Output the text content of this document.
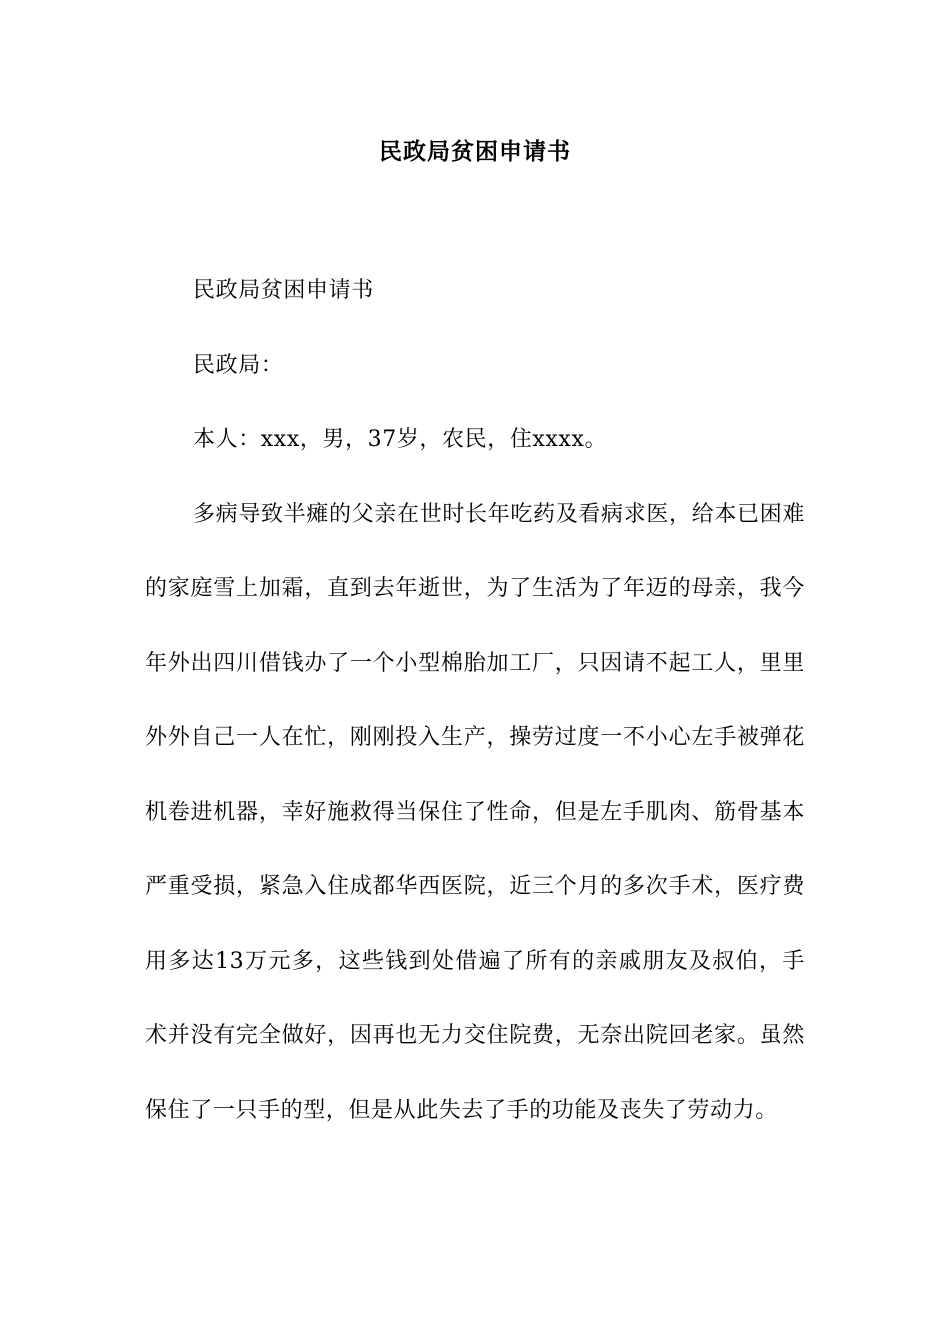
民政局贫困申请书

民政局贫困申请书

民政局：

本人：xxx，男，37岁，农民，住xxxx。

多病导致半瘫的父亲在世时长年吃药及看病求医，给本已困难的家庭雪上加霜，直到去年逝世，为了生活为了年迈的母亲，我今年外出四川借钱办了一个小型棉胎加工厂，只因请不起工人，里里外外自己一人在忙，刚刚投入生产，操劳过度一不小心左手被弹花机卷进机器，幸好施救得当保住了性命，但是左手肌肉、筋骨基本严重受损，紧急入住成都华西医院，近三个月的多次手术，医疗费用多达13万元多，这些钱到处借遍了所有的亲戚朋友及叔伯，手术并没有完全做好，因再也无力交住院费，无奈出院回老家。虽然保住了一只手的型，但是从此失去了手的功能及丧失了劳动力。
